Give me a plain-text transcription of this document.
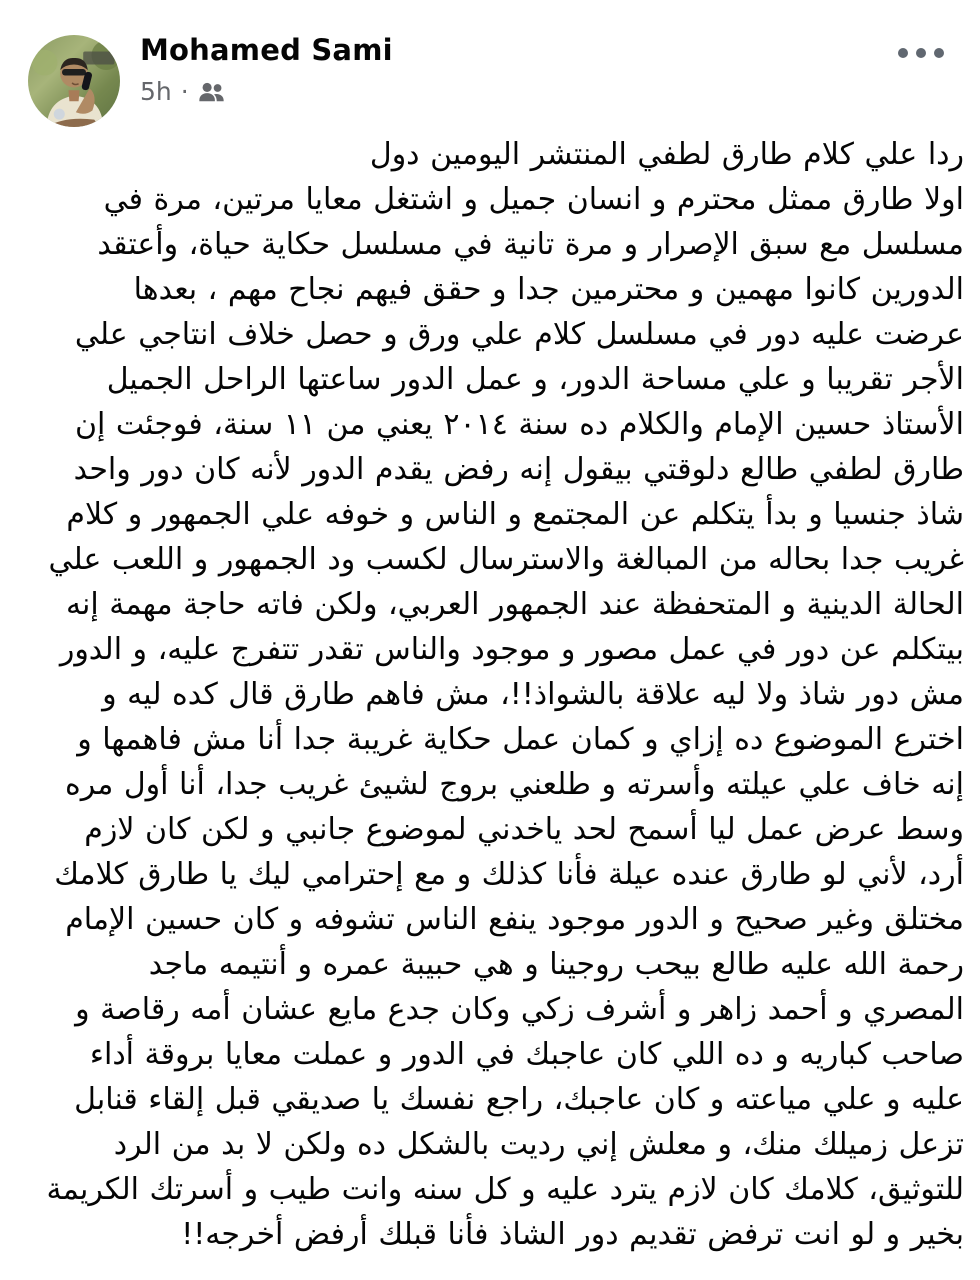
Mohamed Sami
5h ·

ردا علي كلام طارق لطفي المنتشر اليومين دول

اولا طارق ممثل محترم و انسان جميل و اشتغل معايا مرتين، مرة في مسلسل مع سبق الإصرار و مرة تانية في مسلسل حكاية حياة، وأعتقد الدورين كانوا مهمين و محترمين جدا و حقق فيهم نجاح مهم ، بعدها عرضت عليه دور في مسلسل كلام علي ورق و حصل خلاف انتاجي علي الأجر تقريبا و علي مساحة الدور، و عمل الدور ساعتها الراحل الجميل الأستاذ حسين الإمام والكلام ده سنة ٢٠١٤ يعني من ١١ سنة، فوجئت إن طارق لطفي طالع دلوقتي بيقول إنه رفض يقدم الدور لأنه كان دور واحد شاذ جنسيا و بدأ يتكلم عن المجتمع و الناس و خوفه علي الجمهور و كلام غريب جدا بحاله من المبالغة والاسترسال لكسب ود الجمهور و اللعب علي الحالة الدينية و المتحفظة عند الجمهور العربي، ولكن فاته حاجة مهمة إنه بيتكلم عن دور في عمل مصور و موجود والناس تقدر تتفرج عليه، و الدور مش دور شاذ ولا ليه علاقة بالشواذ!!، مش فاهم طارق قال كده ليه و اخترع الموضوع ده إزاي و كمان عمل حكاية غريبة جدا أنا مش فاهمها و إنه خاف علي عيلته وأسرته و طلعني بروج لشيئ غريب جدا، أنا أول مره وسط عرض عمل ليا أسمح لحد ياخدني لموضوع جانبي و لكن كان لازم أرد، لأني لو طارق عنده عيلة فأنا كذلك و مع إحترامي ليك يا طارق كلامك مختلق وغير صحيح و الدور موجود ينفع الناس تشوفه و كان حسين الإمام رحمة الله عليه طالع بيحب روجينا و هي حبيبة عمره و أنتيمه ماجد المصري و أحمد زاهر و أشرف زكي وكان جدع مايع عشان أمه رقاصة و صاحب كباريه و ده اللي كان عاجبك في الدور و عملت معايا بروقة أداء عليه و علي مياعته و كان عاجبك، راجع نفسك يا صديقي قبل إلقاء قنابل تزعل زميلك منك، و معلش إني رديت بالشكل ده ولكن لا بد من الرد للتوثيق، كلامك كان لازم يترد عليه و كل سنه وانت طيب و أسرتك الكريمة بخير و لو انت ترفض تقديم دور الشاذ فأنا قبلك أرفض أخرجه!!
